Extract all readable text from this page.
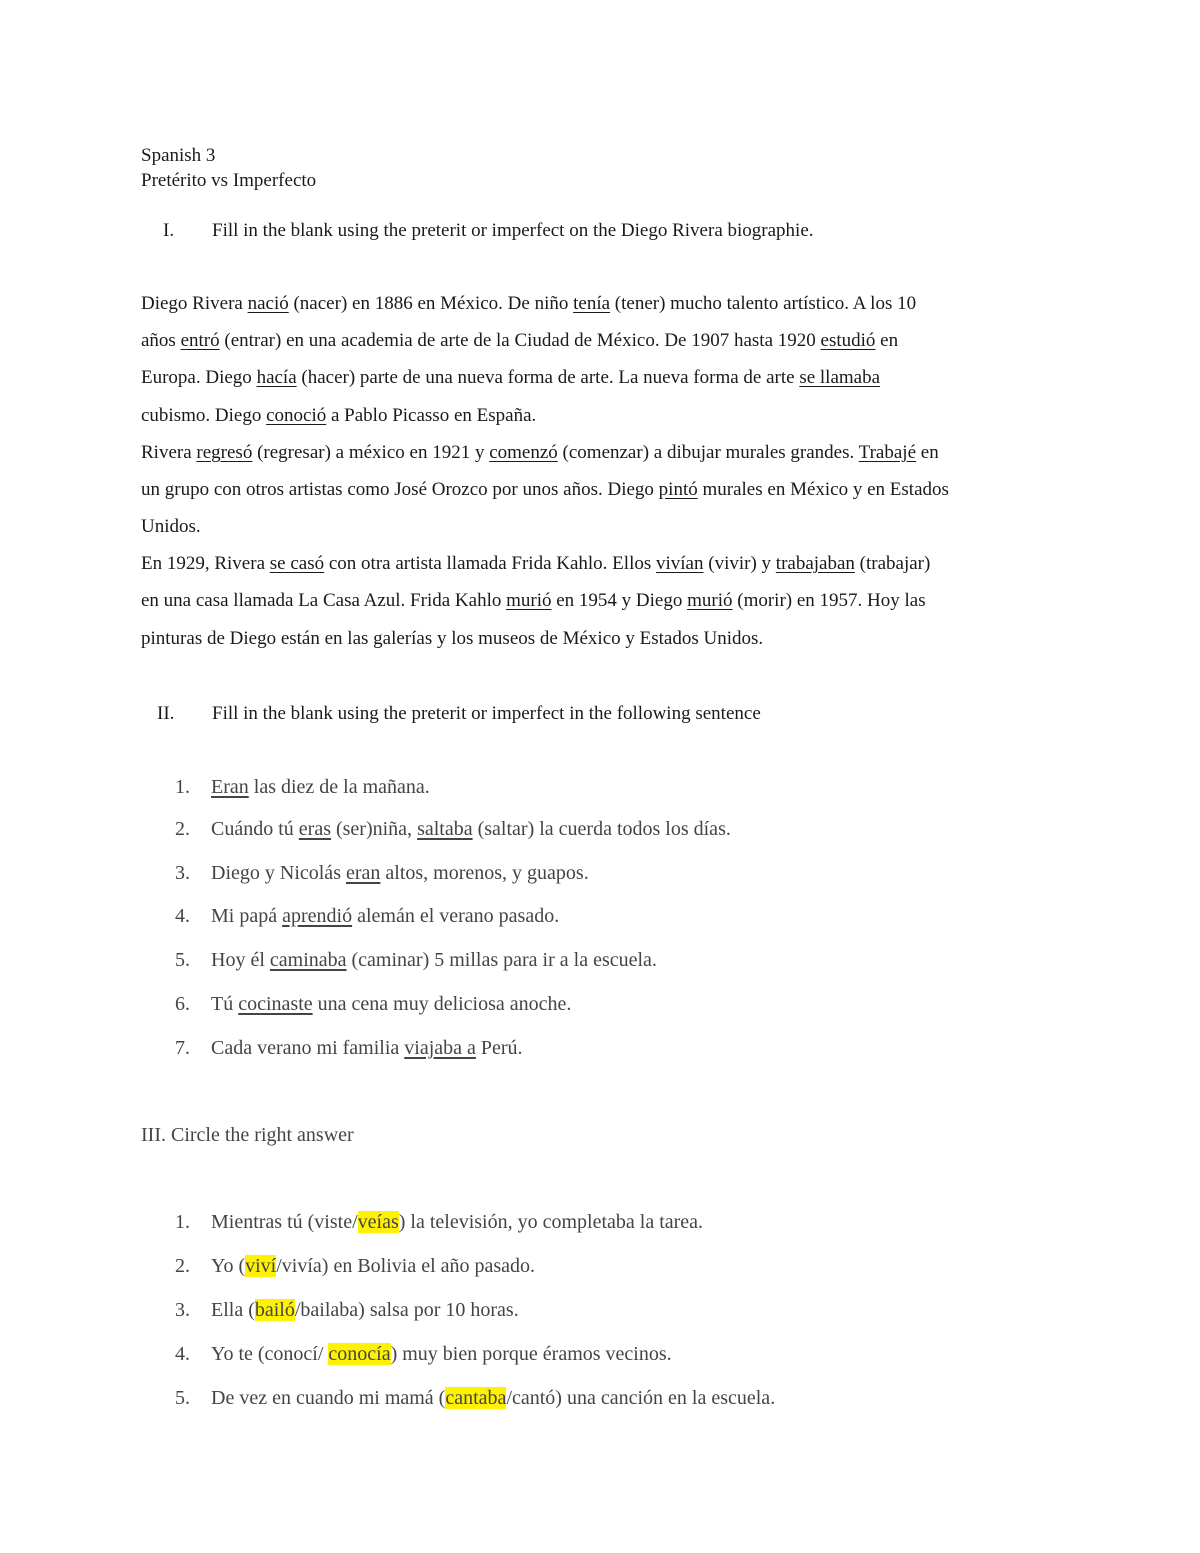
Spanish 3
Pretérito vs Imperfecto
I. Fill in the blank using the preterit or imperfect on the Diego Rivera biographie.
Diego Rivera nació (nacer) en 1886 en México. De niño tenía (tener) mucho talento artístico. A los 10
años entró (entrar) en una academia de arte de la Ciudad de México. De 1907 hasta 1920 estudió en
Europa. Diego hacía (hacer) parte de una nueva forma de arte. La nueva forma de arte se llamaba
cubismo. Diego conoció a Pablo Picasso en España.
Rivera regresó (regresar) a méxico en 1921 y comenzó (comenzar) a dibujar murales grandes. Trabajé en
un grupo con otros artistas como José Orozco por unos años. Diego pintó murales en México y en Estados
Unidos.
En 1929, Rivera se casó con otra artista llamada Frida Kahlo. Ellos vivían (vivir) y trabajaban (trabajar)
en una casa llamada La Casa Azul. Frida Kahlo murió en 1954 y Diego murió (morir) en 1957. Hoy las
pinturas de Diego están en las galerías y los museos de México y Estados Unidos.
II. Fill in the blank using the preterit or imperfect in the following sentence
1. Eran las diez de la mañana.
2. Cuándo tú eras (ser)niña, saltaba (saltar) la cuerda todos los días.
3. Diego y Nicolás eran altos, morenos, y guapos.
4. Mi papá aprendió alemán el verano pasado.
5. Hoy él caminaba (caminar) 5 millas para ir a la escuela.
6. Tú cocinaste una cena muy deliciosa anoche.
7. Cada verano mi familia viajaba a Perú.
III. Circle the right answer
1. Mientras tú (viste/veías) la televisión, yo completaba la tarea.
2. Yo (viví/vivía) en Bolivia el año pasado.
3. Ella (bailó/bailaba) salsa por 10 horas.
4. Yo te (conocí/ conocía) muy bien porque éramos vecinos.
5. De vez en cuando mi mamá (cantaba/cantó) una canción en la escuela.
